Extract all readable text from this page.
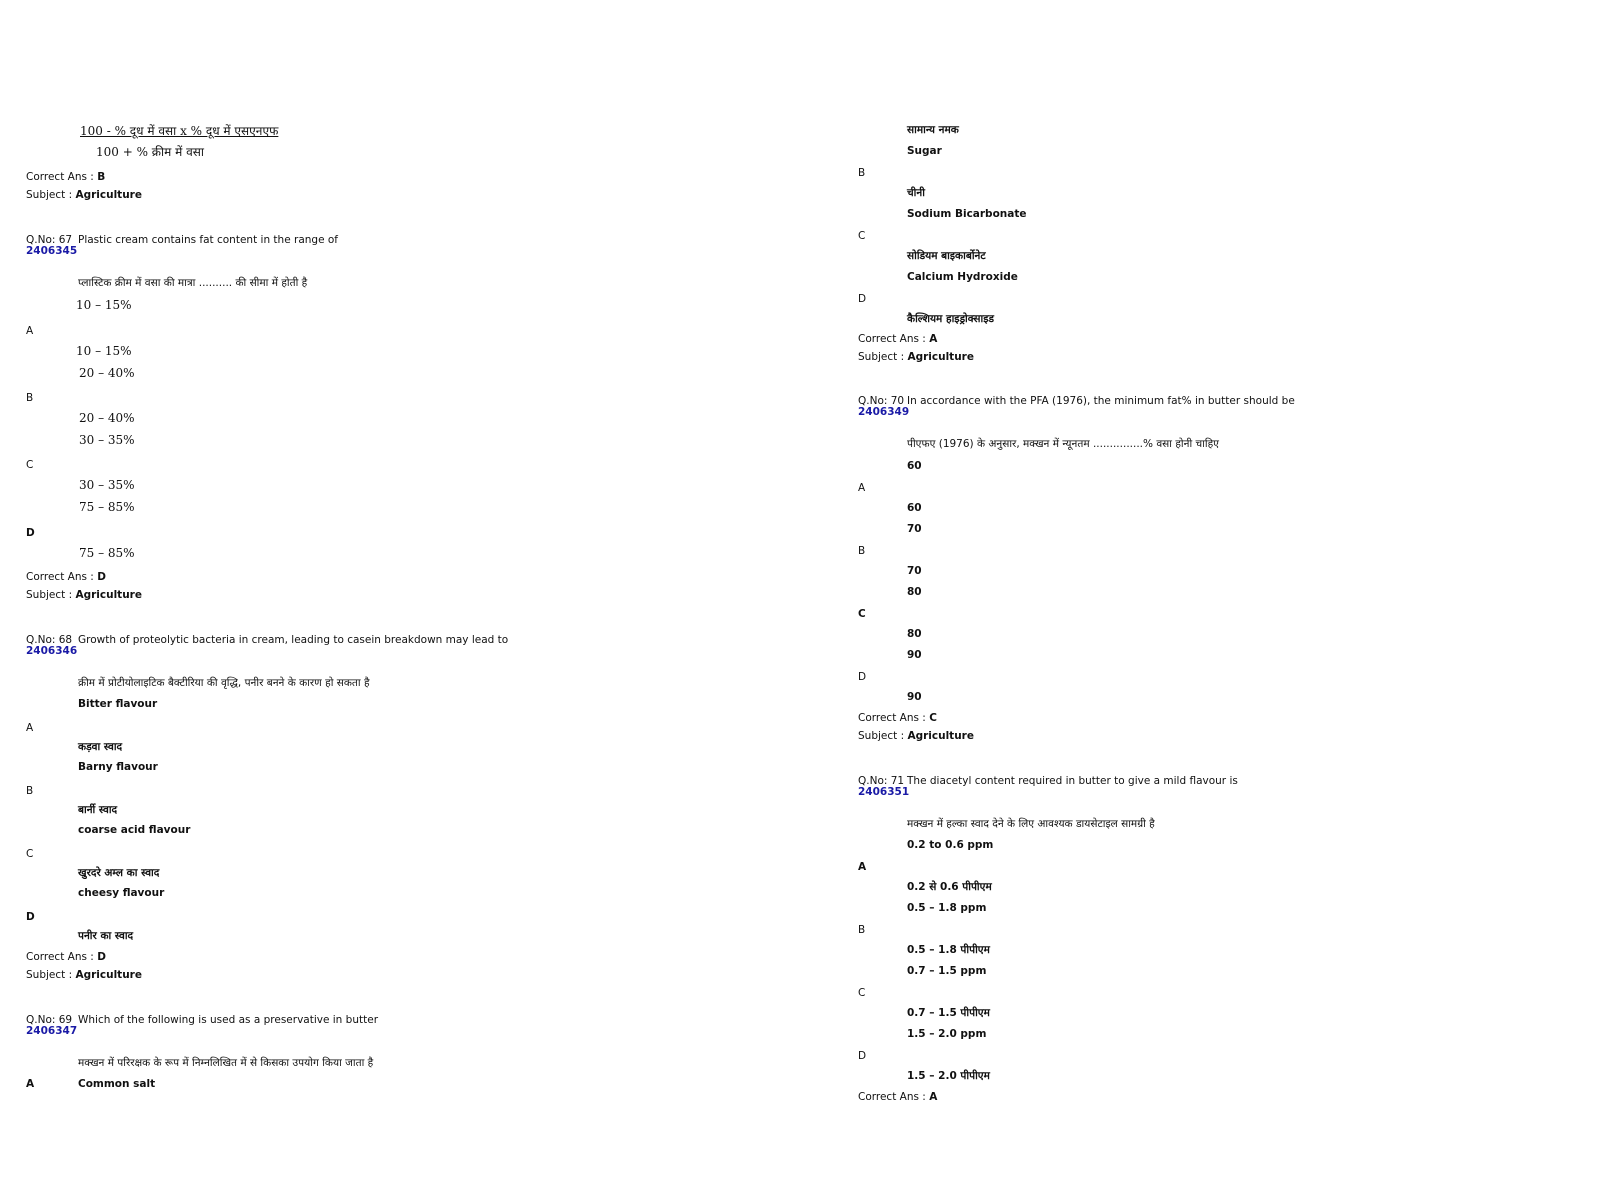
100 - % दूध में वसा x % दूध में एसएनएफ
100 + % क्रीम में वसा
Correct Ans : B
Subject : Agriculture
Q.No: 67
2406345
Plastic cream contains fat content in the range of
प्लास्टिक क्रीम में वसा की मात्रा .......... की सीमा में होती है
10 – 15%
A
10 – 15%
20 – 40%
B
20 – 40%
30 – 35%
C
30 – 35%
75 – 85%
D
75 – 85%
Correct Ans : D
Subject : Agriculture
Q.No: 68
2406346
Growth of proteolytic bacteria in cream, leading to casein breakdown may lead to
क्रीम में प्रोटीयोलाइटिक बैक्टीरिया की वृद्धि, पनीर बनने के कारण हो सकता है
Bitter flavour
A
कड़वा स्वाद
Barny flavour
B
बार्नी स्वाद
coarse acid flavour
C
खुरदरे अम्ल का स्वाद
cheesy flavour
D
पनीर का स्वाद
Correct Ans : D
Subject : Agriculture
Q.No: 69
2406347
Which of the following is used as a preservative in butter
मक्खन में परिरक्षक के रूप में निम्नलिखित में से किसका उपयोग किया जाता है
A	Common salt
सामान्य नमक
Sugar
B
चीनी
Sodium Bicarbonate
C
सोडियम बाइकार्बोनेट
Calcium Hydroxide
D
कैल्शियम हाइड्रोक्साइड
Correct Ans : A
Subject : Agriculture
Q.No: 70
2406349
In accordance with the PFA (1976), the minimum fat% in butter should be
पीएफए (1976) के अनुसार, मक्खन में न्यूनतम ...............% वसा होनी चाहिए
60
A
60
70
B
70
80
C
80
90
D
90
Correct Ans : C
Subject : Agriculture
Q.No: 71
2406351
The diacetyl content required in butter to give a mild flavour is
मक्खन में हल्का स्वाद देने के लिए आवश्यक डायसेटाइल सामग्री है
0.2 to 0.6 ppm
A
0.2 से 0.6 पीपीएम
0.5 – 1.8 ppm
B
0.5 – 1.8 पीपीएम
0.7 – 1.5 ppm
C
0.7 – 1.5 पीपीएम
1.5 – 2.0 ppm
D
1.5 – 2.0 पीपीएम
Correct Ans : A
